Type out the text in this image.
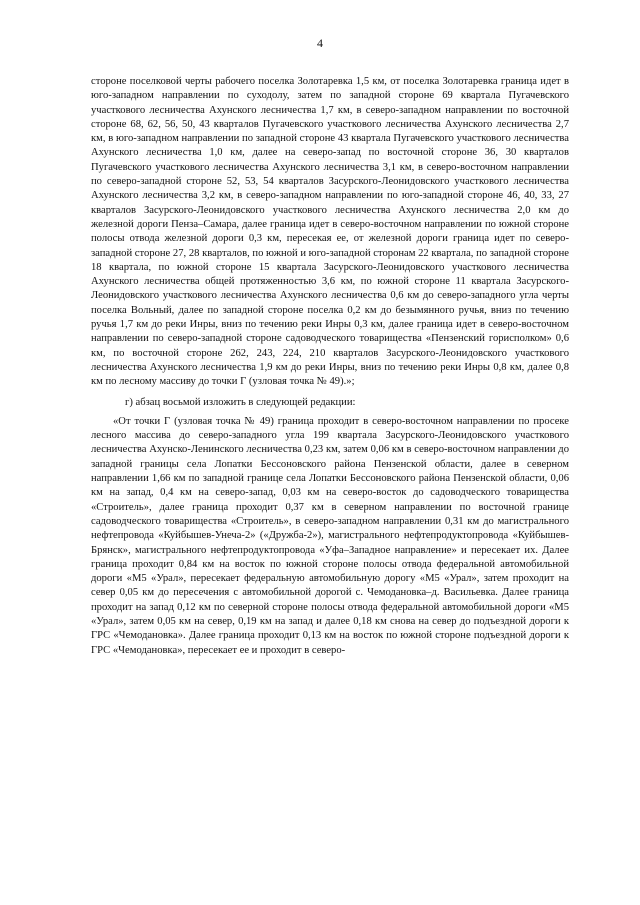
4

стороне поселковой черты рабочего поселка Золотаревка 1,5 км, от поселка Золотаревка граница идет в юго-западном направлении по суходолу, затем по западной стороне 69 квартала Пугачевского участкового лесничества Ахунского лесничества 1,7 км, в северо-западном направлении по восточной стороне 68, 62, 56, 50, 43 кварталов Пугачевского участкового лесничества Ахунского лесничества 2,7 км, в юго-западном направлении по западной стороне 43 квартала Пугачевского участкового лесничества Ахунского лесничества 1,0 км, далее на северо-запад по восточной стороне 36, 30 кварталов Пугачевского участкового лесничества Ахунского лесничества 3,1 км, в северо-восточном направлении по северо-западной стороне 52, 53, 54 кварталов Засурского-Леонидовского участкового лесничества Ахунского лесничества 3,2 км, в северо-западном направлении по юго-западной стороне 46, 40, 33, 27 кварталов Засурского-Леонидовского участкового лесничества Ахунского лесничества 2,0 км до железной дороги Пенза–Самара, далее граница идет в северо-восточном направлении по южной стороне полосы отвода железной дороги 0,3 км, пересекая ее, от железной дороги граница идет по северо-западной стороне 27, 28 кварталов, по южной и юго-западной сторонам 22 квартала, по западной стороне 18 квартала, по южной стороне 15 квартала Засурского-Леонидовского участкового лесничества Ахунского лесничества общей протяженностью 3,6 км, по южной стороне 11 квартала Засурского-Леонидовского участкового лесничества Ахунского лесничества 0,6 км до северо-западного угла черты поселка Вольный, далее по западной стороне поселка 0,2 км до безымянного ручья, вниз по течению ручья 1,7 км до реки Инры, вниз по течению реки Инры 0,3 км, далее граница идет в северо-восточном направлении по северо-западной стороне садоводческого товарищества «Пензенский горисполком» 0,6 км, по восточной стороне 262, 243, 224, 210 кварталов Засурского-Леонидовского участкового лесничества Ахунского лесничества 1,9 км до реки Инры, вниз по течению реки Инры 0,8 км, далее 0,8 км по лесному массиву до точки Г (узловая точка № 49).»;

г) абзац восьмой изложить в следующей редакции:

«От точки Г (узловая точка № 49) граница проходит в северо-восточном направлении по просеке лесного массива до северо-западного угла 199 квартала Засурского-Леонидовского участкового лесничества Ахунско-Ленинского лесничества 0,23 км, затем 0,06 км в северо-восточном направлении до западной границы села Лопатки Бессоновского района Пензенской области, далее в северном направлении 1,66 км по западной границе села Лопатки Бессоновского района Пензенской области, 0,06 км на запад, 0,4 км на северо-запад, 0,03 км на северо-восток до садоводческого товарищества «Строитель», далее граница проходит 0,37 км в северном направлении по восточной границе садоводческого товарищества «Строитель», в северо-западном направлении 0,31 км до магистрального нефтепровода «Куйбышев-Унеча-2» («Дружба-2»), магистрального нефтепродуктопровода «Куйбышев-Брянск», магистрального нефтепродуктопровода «Уфа–Западное направление» и пересекает их. Далее граница проходит 0,84 км на восток по южной стороне полосы отвода федеральной автомобильной дороги «М5 «Урал», пересекает федеральную автомобильную дорогу «М5 «Урал», затем проходит на север 0,05 км до пересечения с автомобильной дорогой с. Чемодановка–д. Васильевка. Далее граница проходит на запад 0,12 км по северной стороне полосы отвода федеральной автомобильной дороги «М5 «Урал», затем 0,05 км на север, 0,19 км на запад и далее 0,18 км снова на север до подъездной дороги к ГРС «Чемодановка». Далее граница проходит 0,13 км на восток по южной стороне подъездной дороги к ГРС «Чемодановка», пересекает ее и проходит в северо-
